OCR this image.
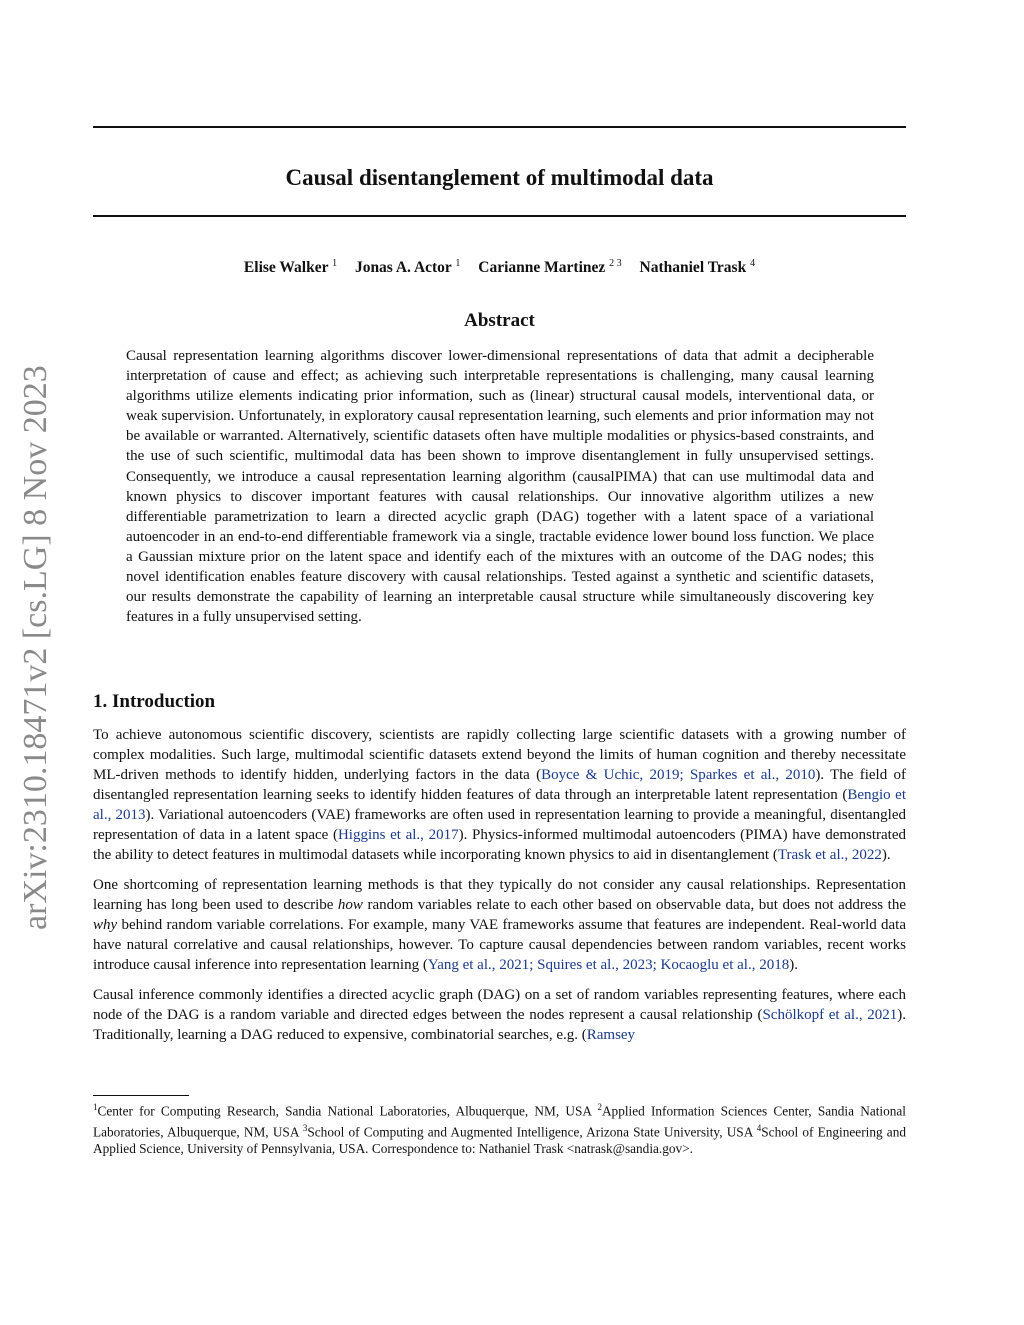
arXiv:2310.18471v2 [cs.LG] 8 Nov 2023
Causal disentanglement of multimodal data
Elise Walker $^1$ Jonas A. Actor $^1$ Carianne Martinez $^{2 3}$ Nathaniel Trask $^4$
Abstract
Causal representation learning algorithms discover lower-dimensional representations of data that admit a decipherable interpretation of cause and effect; as achieving such interpretable representations is challenging, many causal learning algorithms utilize elements indicating prior information, such as (linear) structural causal models, interventional data, or weak supervision. Unfortunately, in exploratory causal representation learning, such elements and prior information may not be available or warranted. Alternatively, scientific datasets often have multiple modalities or physics-based constraints, and the use of such scientific, multimodal data has been shown to improve disentanglement in fully unsupervised settings. Consequently, we introduce a causal representation learning algorithm (causalPIMA) that can use multimodal data and known physics to discover important features with causal relationships. Our innovative algorithm utilizes a new differentiable parametrization to learn a directed acyclic graph (DAG) together with a latent space of a variational autoencoder in an end-to-end differentiable framework via a single, tractable evidence lower bound loss function. We place a Gaussian mixture prior on the latent space and identify each of the mixtures with an outcome of the DAG nodes; this novel identification enables feature discovery with causal relationships. Tested against a synthetic and scientific datasets, our results demonstrate the capability of learning an interpretable causal structure while simultaneously discovering key features in a fully unsupervised setting.
1. Introduction

To achieve autonomous scientific discovery, scientists are rapidly collecting large scientific datasets with a growing number of complex modalities. Such large, multimodal scientific datasets extend beyond the limits of human cognition and thereby necessitate ML-driven methods to identify hidden, underlying factors in the data (Boyce & Uchic, 2019; Sparkes et al., 2010). The field of disentangled representation learning seeks to identify hidden features of data through an interpretable latent representation (Bengio et al., 2013). Variational autoencoders (VAE) frameworks are often used in representation learning to provide a meaningful, disentangled representation of data in a latent space (Higgins et al., 2017). Physics-informed multimodal autoencoders (PIMA) have demonstrated the ability to detect features in multimodal datasets while incorporating known physics to aid in disentanglement (Trask et al., 2022).

One shortcoming of representation learning methods is that they typically do not consider any causal relationships. Representation learning has long been used to describe how random variables relate to each other based on observable data, but does not address the why behind random variable correlations. For example, many VAE frameworks assume that features are independent. Real-world data have natural correlative and causal relationships, however. To capture causal dependencies between random variables, recent works introduce causal inference into representation learning (Yang et al., 2021; Squires et al., 2023; Kocaoglu et al., 2018).

Causal inference commonly identifies a directed acyclic graph (DAG) on a set of random variables representing features, where each node of the DAG is a random variable and directed edges between the nodes represent a causal relationship (Schölkopf et al., 2021). Traditionally, learning a DAG reduced to expensive, combinatorial searches, e.g. (Ramsey

$^1$Center for Computing Research, Sandia National Laboratories, Albuquerque, NM, USA $^2$Applied Information Sciences Center, Sandia National Laboratories, Albuquerque, NM, USA $^3$School of Computing and Augmented Intelligence, Arizona State University, USA $^4$School of Engineering and Applied Science, University of Pennsylvania, USA. Correspondence to: Nathaniel Trask <natrask@sandia.gov>.
